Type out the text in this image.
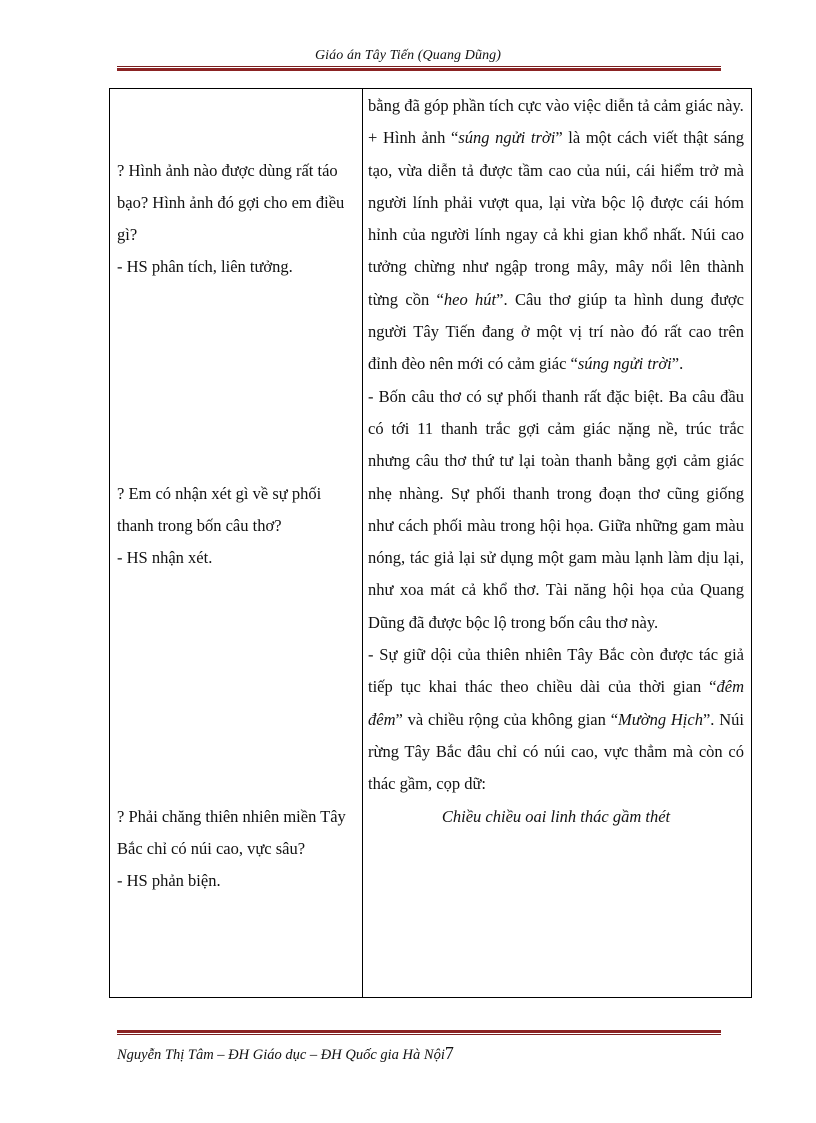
Giáo án Tây Tiến (Quang Dũng)
? Hình ảnh nào được dùng rất táo bạo? Hình ảnh đó gợi cho em điều gì?
- HS phân tích, liên tưởng.
? Em có nhận xét gì về sự phối thanh trong bốn câu thơ?
- HS nhận xét.
? Phải chăng thiên nhiên miền Tây Bắc chỉ có núi cao, vực sâu?
- HS phản biện.

bằng đã góp phần tích cực vào việc diễn tả cảm giác này.
+ Hình ảnh “súng ngửi trời” là một cách viết thật sáng tạo, vừa diễn tả được tầm cao của núi, cái hiểm trở mà người lính phải vượt qua, lại vừa bộc lộ được cái hóm hỉnh của người lính ngay cả khi gian khổ nhất. Núi cao tưởng chừng như ngập trong mây, mây nổi lên thành từng cồn “heo hút”. Câu thơ giúp ta hình dung được người Tây Tiến đang ở một vị trí nào đó rất cao trên đỉnh đèo nên mới có cảm giác “súng ngửi trời”.
- Bốn câu thơ có sự phối thanh rất đặc biệt. Ba câu đầu có tới 11 thanh trắc gợi cảm giác nặng nề, trúc trắc nhưng câu thơ thứ tư lại toàn thanh bằng gợi cảm giác nhẹ nhàng. Sự phối thanh trong đoạn thơ cũng giống như cách phối màu trong hội họa. Giữa những gam màu nóng, tác giả lại sử dụng một gam màu lạnh làm dịu lại, như xoa mát cả khổ thơ. Tài năng hội họa của Quang Dũng đã được bộc lộ trong bốn câu thơ này.
- Sự giữ dội của thiên nhiên Tây Bắc còn được tác giả tiếp tục khai thác theo chiều dài của thời gian “đêm đêm” và chiều rộng của không gian “Mường Hịch”. Núi rừng Tây Bắc đâu chỉ có núi cao, vực thẳm mà còn có thác gầm, cọp dữ:
Chiều chiều oai linh thác gầm thét
Nguyễn Thị Tâm – ĐH Giáo dục – ĐH Quốc gia Hà Nội7
